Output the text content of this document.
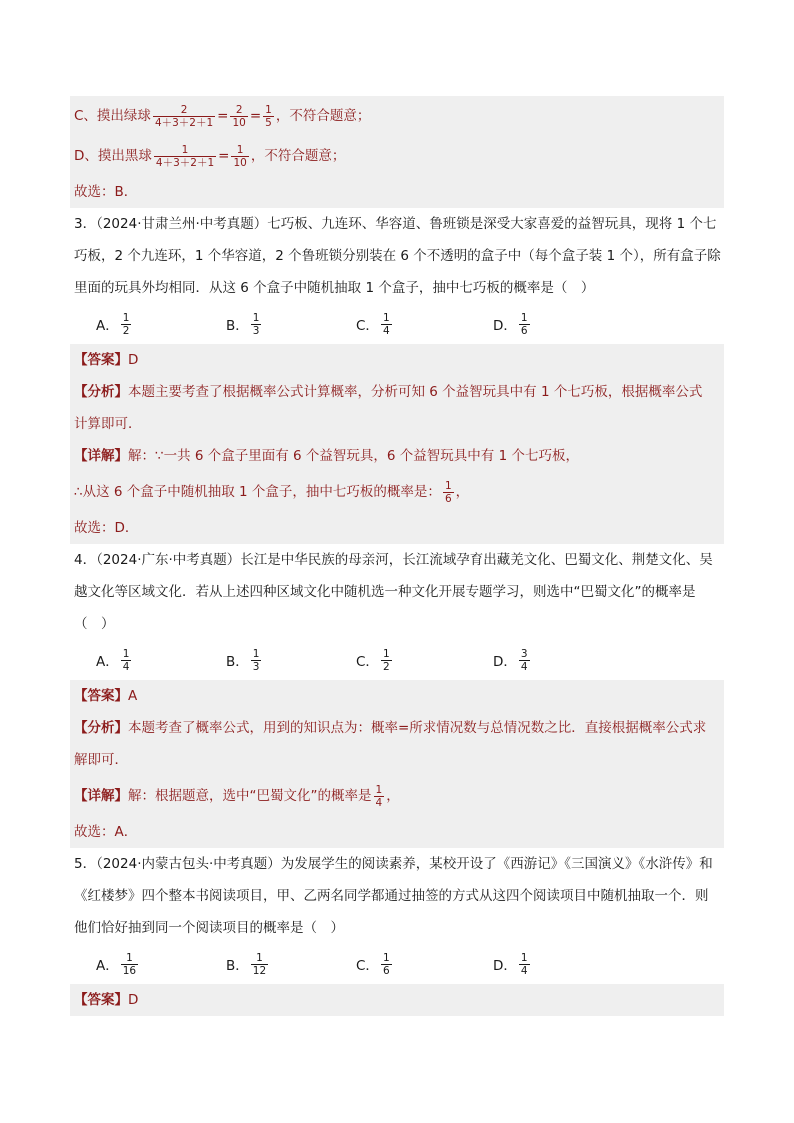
C、摸出绿球 $\frac{2}{4+3+2+1} = \frac{2}{10} = \frac{1}{5}$ ，不符合题意；
D、摸出黑球 $\frac{1}{4+3+2+1} = \frac{1}{10}$ ，不符合题意；
故选：B．
3．（2024·甘肃兰州·中考真题）七巧板、九连环、华容道、鲁班锁是深受大家喜爱的益智玩具，现将 1 个七
巧板，2 个九连环，1 个华容道，2 个鲁班锁分别装在 6 个不透明的盒子中（每个盒子装 1 个），所有盒子除
里面的玩具外均相同．从这 6 个盒子中随机抽取 1 个盒子，抽中七巧板的概率是（　）
A． $\frac{1}{2}$	B． $\frac{1}{3}$	C． $\frac{1}{4}$	D． $\frac{1}{6}$
【答案】 D
【分析】 本题主要考查了根据概率公式计算概率，分析可知 6 个益智玩具中有 1 个七巧板，根据概率公式
计算即可．
【详解】 解：∵一共 6 个盒子里面有 6 个益智玩具，6 个益智玩具中有 1 个七巧板，
∴从这 6 个盒子中随机抽取 1 个盒子，抽中七巧板的概率是： $\frac{1}{6}$ ，
故选：D．
4．（2024·广东·中考真题）长江是中华民族的母亲河，长江流域孕育出藏羌文化、巴蜀文化、荆楚文化、吴
越文化等区域文化．若从上述四种区域文化中随机选一种文化开展专题学习，则选中“巴蜀文化”的概率是
（　）
A． $\frac{1}{4}$	B． $\frac{1}{3}$	C． $\frac{1}{2}$	D． $\frac{3}{4}$
【答案】 A
【分析】 本题考查了概率公式，用到的知识点为：概率=所求情况数与总情况数之比．直接根据概率公式求
解即可．
【详解】 解：根据题意，选中“巴蜀文化”的概率是 $\frac{1}{4}$ ，
故选：A．
5．（2024·内蒙古包头·中考真题）为发展学生的阅读素养，某校开设了《西游记》《三国演义》《水浒传》和
《红楼梦》四个整本书阅读项目，甲、乙两名同学都通过抽签的方式从这四个阅读项目中随机抽取一个．则
他们恰好抽到同一个阅读项目的概率是（　）
A． $\frac{1}{16}$	B． $\frac{1}{12}$	C． $\frac{1}{6}$	D． $\frac{1}{4}$
【答案】 D
